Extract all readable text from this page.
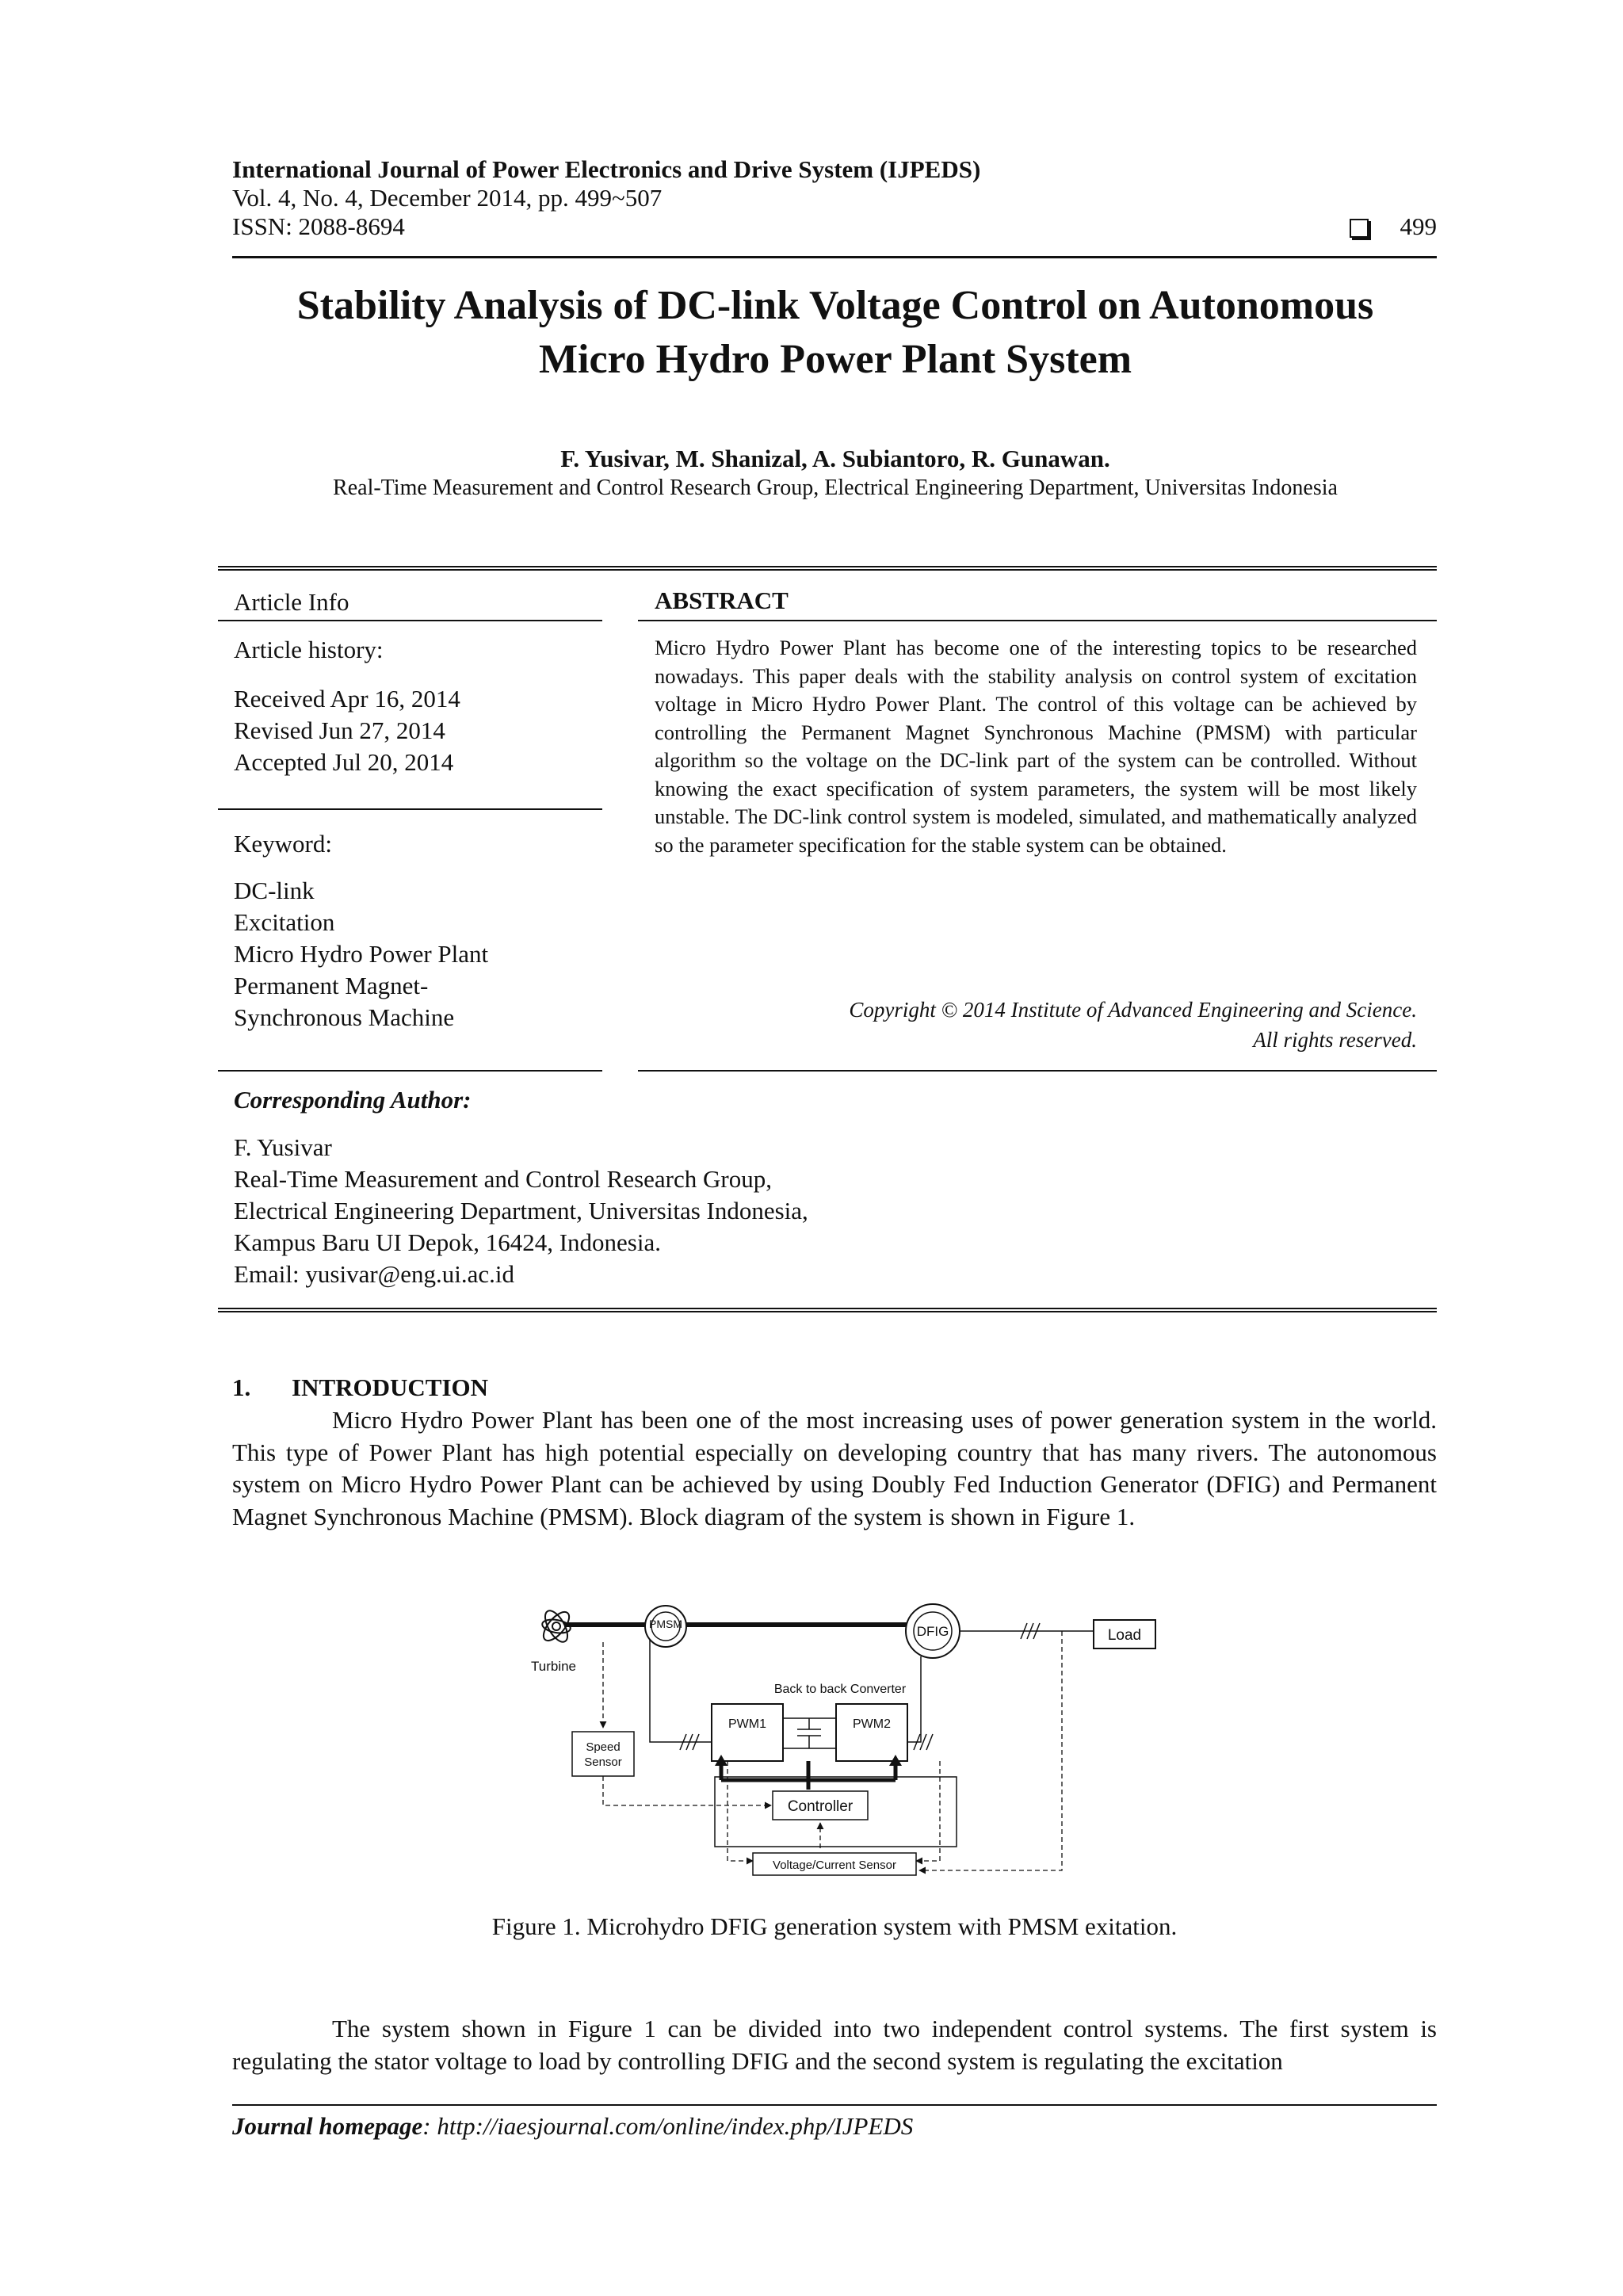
International Journal of Power Electronics and Drive System (IJPEDS)
Vol. 4, No. 4, December 2014, pp. 499~507
ISSN: 2088-8694	499
Stability Analysis of DC-link Voltage Control on Autonomous
Micro Hydro Power Plant System
F. Yusivar, M. Shanizal, A. Subiantoro, R. Gunawan.
Real-Time Measurement and Control Research Group, Electrical Engineering Department, Universitas Indonesia
Article Info
Article history:
Received Apr 16, 2014
Revised Jun 27, 2014
Accepted Jul 20, 2014
Keyword:
DC-link
Excitation
Micro Hydro Power Plant
Permanent Magnet-
Synchronous Machine
ABSTRACT
Micro Hydro Power Plant has become one of the interesting topics to be researched nowadays. This paper deals with the stability analysis on control system of excitation voltage in Micro Hydro Power Plant. The control of this voltage can be achieved by controlling the Permanent Magnet Synchronous Machine (PMSM) with particular algorithm so the voltage on the DC-link part of the system can be controlled. Without knowing the exact specification of system parameters, the system will be most likely unstable. The DC-link control system is modeled, simulated, and mathematically analyzed so the parameter specification for the stable system can be obtained.
Copyright © 2014 Institute of Advanced Engineering and Science.
All rights reserved.
Corresponding Author:
F. Yusivar
Real-Time Measurement and Control Research Group,
Electrical Engineering Department, Universitas Indonesia,
Kampus Baru UI Depok, 16424, Indonesia.
Email: yusivar@eng.ui.ac.id
1. INTRODUCTION
Micro Hydro Power Plant has been one of the most increasing uses of power generation system in the world. This type of Power Plant has high potential especially on developing country that has many rivers. The autonomous system on Micro Hydro Power Plant can be achieved by using Doubly Fed Induction Generator (DFIG) and Permanent Magnet Synchronous Machine (PMSM). Block diagram of the system is shown in Figure 1.
Turbine
PMSM	DFIG	Load
Back to back Converter
PWM1	PWM2
Controller
Speed
Sensor
Voltage/Current Sensor
Figure 1. Microhydro DFIG generation system with PMSM exitation.
The system shown in Figure 1 can be divided into two independent control systems. The first system is regulating the stator voltage to load by controlling DFIG and the second system is regulating the excitation
Journal homepage: http://iaesjournal.com/online/index.php/IJPEDS
